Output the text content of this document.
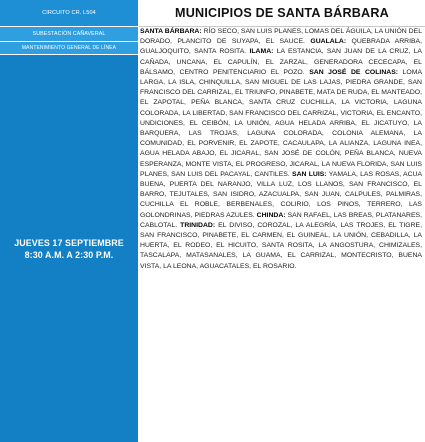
CIRCUITO CR. L504
SUBESTACIÓN CAÑAVERAL
MANTENIMIENTO GENERAL DE LÍNEA
JUEVES 17 SEPTIEMBRE
8:30 A.M. A 2:30 P.M.
MUNICIPIOS DE SANTA BÁRBARA
SANTA BÁRBARA: RÍO SECO, SAN LUIS PLANES, LOMAS DEL ÁGUILA, LA UNIÓN DEL DORADO, PLANCITO DE SUYAPA, EL SAUCE. GUALALA: QUEBRADA ARRIBA, GUALJOQUITO, SANTA ROSITA. ILAMA: LA ESTANCIA, SAN JUAN DE LA CRUZ, LA CAÑADA, UNCANA, EL CAPULÍN, EL ZARZAL, GENERADORA CECECAPA, EL BÁLSAMO, CENTRO PENITENCIARIO EL POZO. SAN JOSÉ DE COLINAS: LOMA LARGA, LA ISLA, CHINQUILLA, SAN MIGUEL DE LAS LAJAS, PIEDRA GRANDE, SAN FRANCISCO DEL CARRIZAL, EL TRIUNFO, PINABETE, MATA DE RUDA, EL MANTEADO, EL ZAPOTAL, PEÑA BLANCA, SANTA CRUZ CUCHILLA, LA VICTORIA, LAGUNA COLORADA, LA LIBERTAD, SAN FRANCISCO DEL CARRIZAL, VICTORIA, EL ENCANTO, UNDICIONES, EL CEIBÓN, LA UNIÓN, AGUA HELADA ARRIBA, EL JICATUYO, LA BARQUERA, LAS TROJAS, LAGUNA COLORADA, COLONIA ALEMANA, LA COMUNIDAD, EL PORVENIR, EL ZAPOTE, CACAULAPA, LA ALIANZA, LAGUNA INEA, AGUA HELADA ABAJO, EL JICARAL, SAN JOSÉ DE COLÓN, PEÑA BLANCA, NUEVA ESPERANZA, MONTE VISTA, EL PROGRESO, JICARAL, LA NUEVA FLORIDA, SAN LUIS PLANES, SAN LUIS DEL PACAYAL, CANTILES. SAN LUIS: YAMALA, LAS ROSAS, ACUA BUENA, PUERTA DEL NARANJO, VILLA LUZ, LOS LLANOS, SAN FRANCISCO, EL BARRO, TEJUTALES, SAN ISIDRO, AZACUALPA, SAN JUAN, CALPULES, PALMIRAS, CUCHILLA EL ROBLE, BERBENALES, COLIRIO, LOS PINOS, TERRERO, LAS GOLONDRINAS, PIEDRAS AZULES. CHINDA: SAN RAFAEL, LAS BREAS, PLATANARES, CABLOTAL. TRINIDAD: EL DIVISO, COROZAL, LA ALEGRÍA, LAS TROJES, EL TIGRE, SAN FRANCISCO, PINABETE, EL CARMEN, EL GUINEAL, LA UNIÓN, CEBADILLA, LA HUERTA, EL RODEO, EL HICUITO, SANTA ROSITA, LA ANGOSTURA, CHIMIZALES, TASCALAPA, MATASANALES, LA GUAMA, EL CARRIZAL, MONTECRISTO, BUENA VISTA, LA LEONA, AGUACATALES, EL ROSARIO.
